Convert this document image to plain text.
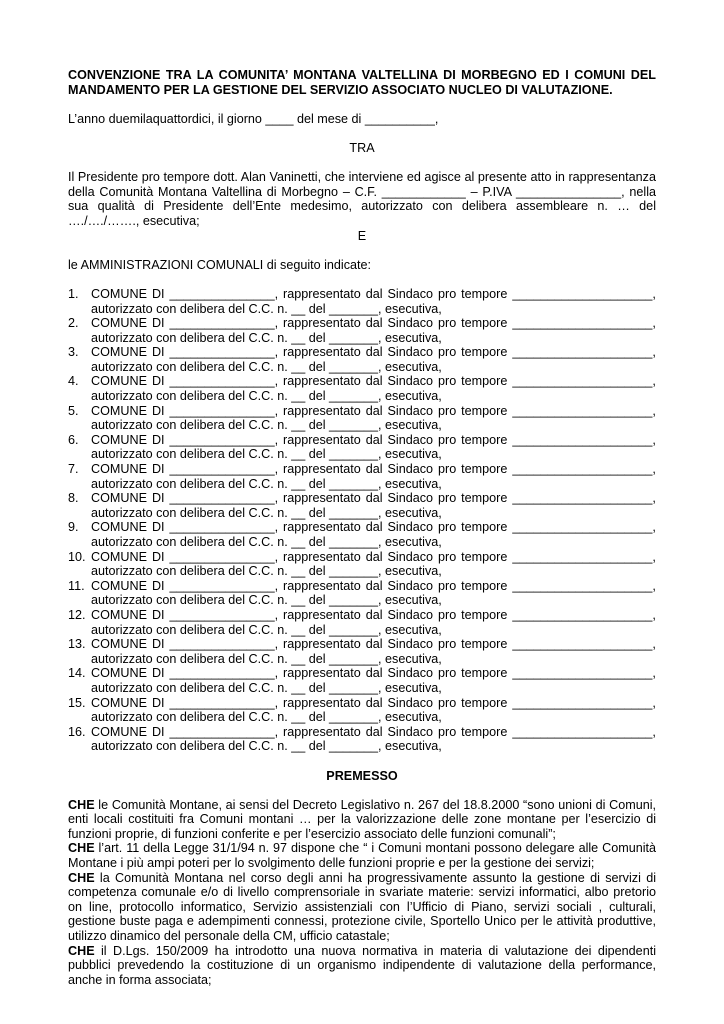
CONVENZIONE TRA LA COMUNITA’ MONTANA VALTELLINA DI MORBEGNO ED I COMUNI DEL MANDAMENTO PER LA GESTIONE DEL SERVIZIO ASSOCIATO NUCLEO DI VALUTAZIONE.

L’anno duemilaquattordici, il giorno ____ del mese di __________,

TRA

Il Presidente pro tempore dott. Alan Vaninetti, che interviene ed agisce al presente atto in rappresentanza della Comunità Montana Valtellina di Morbegno – C.F. ____________ – P.IVA _______________, nella sua qualità di Presidente dell’Ente medesimo, autorizzato con delibera assembleare n. … del …./…./……., esecutiva;

E

le AMMINISTRAZIONI COMUNALI di seguito indicate:

1. COMUNE DI _______________, rappresentato dal Sindaco pro tempore ____________________,
autorizzato con delibera del C.C. n. __ del _______, esecutiva,
2. COMUNE DI _______________, rappresentato dal Sindaco pro tempore ____________________,
autorizzato con delibera del C.C. n. __ del _______, esecutiva,
3. COMUNE DI _______________, rappresentato dal Sindaco pro tempore ____________________,
autorizzato con delibera del C.C. n. __ del _______, esecutiva,
4. COMUNE DI _______________, rappresentato dal Sindaco pro tempore ____________________,
autorizzato con delibera del C.C. n. __ del _______, esecutiva,
5. COMUNE DI _______________, rappresentato dal Sindaco pro tempore ____________________,
autorizzato con delibera del C.C. n. __ del _______, esecutiva,
6. COMUNE DI _______________, rappresentato dal Sindaco pro tempore ____________________,
autorizzato con delibera del C.C. n. __ del _______, esecutiva,
7. COMUNE DI _______________, rappresentato dal Sindaco pro tempore ____________________,
autorizzato con delibera del C.C. n. __ del _______, esecutiva,
8. COMUNE DI _______________, rappresentato dal Sindaco pro tempore ____________________,
autorizzato con delibera del C.C. n. __ del _______, esecutiva,
9. COMUNE DI _______________, rappresentato dal Sindaco pro tempore ____________________,
autorizzato con delibera del C.C. n. __ del _______, esecutiva,
10. COMUNE DI _______________, rappresentato dal Sindaco pro tempore ____________________,
autorizzato con delibera del C.C. n. __ del _______, esecutiva,
11. COMUNE DI _______________, rappresentato dal Sindaco pro tempore ____________________,
autorizzato con delibera del C.C. n. __ del _______, esecutiva,
12. COMUNE DI _______________, rappresentato dal Sindaco pro tempore ____________________,
autorizzato con delibera del C.C. n. __ del _______, esecutiva,
13. COMUNE DI _______________, rappresentato dal Sindaco pro tempore ____________________,
autorizzato con delibera del C.C. n. __ del _______, esecutiva,
14. COMUNE DI _______________, rappresentato dal Sindaco pro tempore ____________________,
autorizzato con delibera del C.C. n. __ del _______, esecutiva,
15. COMUNE DI _______________, rappresentato dal Sindaco pro tempore ____________________,
autorizzato con delibera del C.C. n. __ del _______, esecutiva,
16. COMUNE DI _______________, rappresentato dal Sindaco pro tempore ____________________,
autorizzato con delibera del C.C. n. __ del _______, esecutiva,

PREMESSO

CHE le Comunità Montane, ai sensi del Decreto Legislativo n. 267 del 18.8.2000 “sono unioni di Comuni, enti locali costituiti fra Comuni montani … per la valorizzazione delle zone montane per l’esercizio di funzioni proprie, di funzioni conferite e per l’esercizio associato delle funzioni comunali”;

CHE l’art. 11 della Legge 31/1/94 n. 97 dispone che “ i Comuni montani possono delegare alle Comunità Montane i più ampi poteri per lo svolgimento delle funzioni proprie e per la gestione dei servizi;

CHE la Comunità Montana nel corso degli anni ha progressivamente assunto la gestione di servizi di competenza comunale e/o di livello comprensoriale in svariate materie: servizi informatici, albo pretorio on line, protocollo informatico, Servizio assistenziali con l’Ufficio di Piano, servizi sociali , culturali, gestione buste paga e adempimenti connessi, protezione civile, Sportello Unico per le attività produttive, utilizzo dinamico del personale della CM, ufficio catastale;

CHE il D.Lgs. 150/2009 ha introdotto una nuova normativa in materia di valutazione dei dipendenti pubblici prevedendo la costituzione di un organismo indipendente di valutazione della performance, anche in forma associata;
